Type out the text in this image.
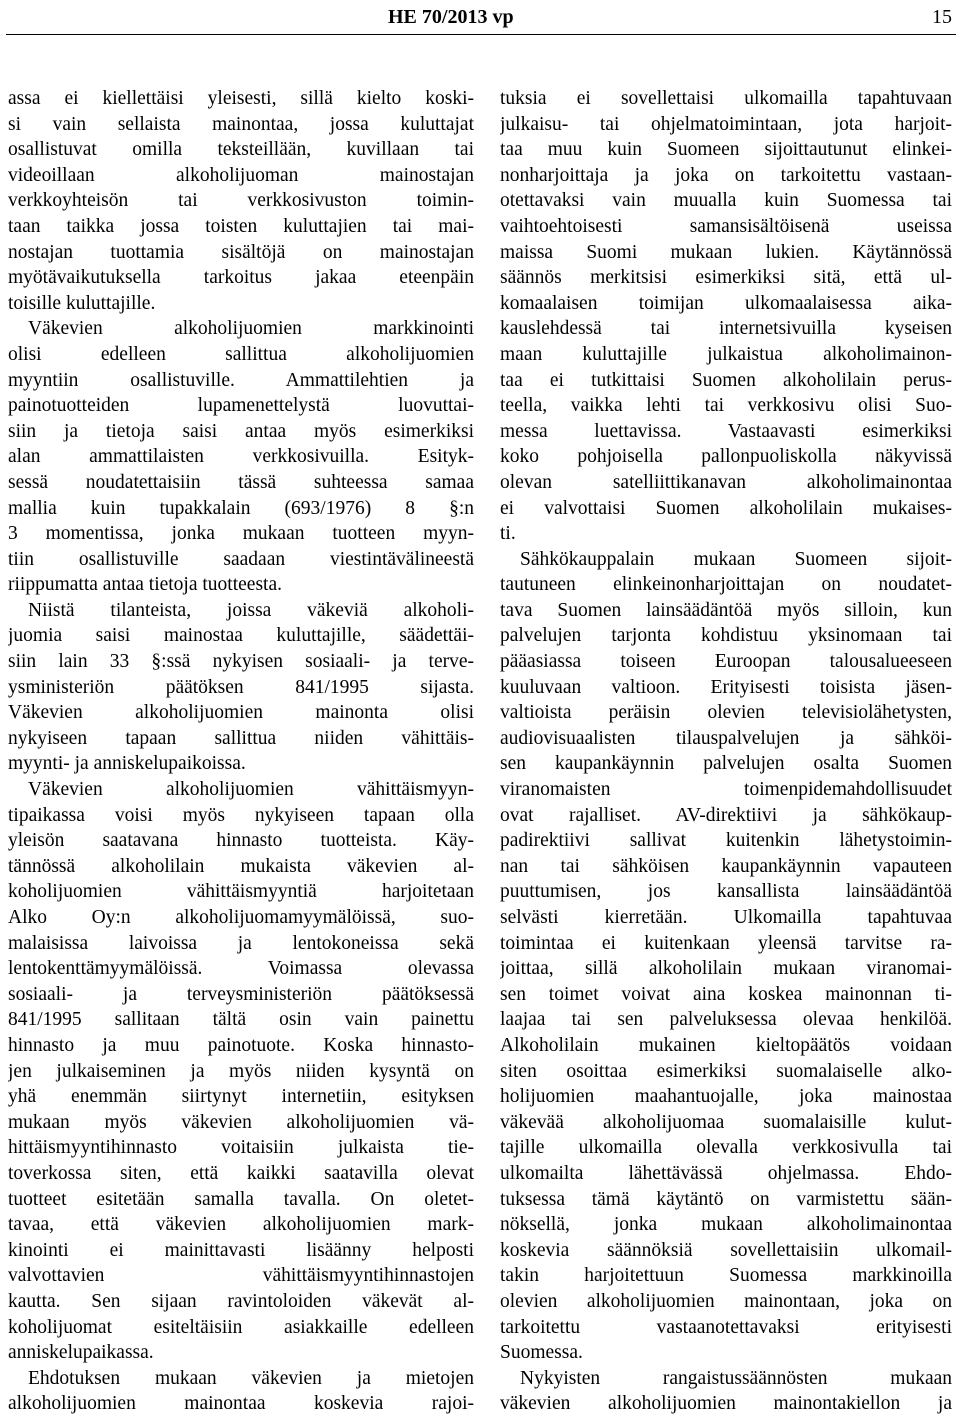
HE 70/2013 vp	15
assa ei kiellettäisi yleisesti, sillä kielto koski-
si vain sellaista mainontaa, jossa kuluttajat
osallistuvat omilla teksteillään, kuvillaan tai
videoillaan alkoholijuoman mainostajan
verkkoyhteisön tai verkkosivuston toimin-
taan taikka jossa toisten kuluttajien tai mai-
nostajan tuottamia sisältöjä on mainostajan
myötävaikutuksella tarkoitus jakaa eteenpäin
toisille kuluttajille.
Väkevien alkoholijuomien markkinointi
olisi edelleen sallittua alkoholijuomien
myyntiin osallistuville. Ammattilehtien ja
painotuotteiden lupamenettelystä luovuttai-
siin ja tietoja saisi antaa myös esimerkiksi
alan ammattilaisten verkkosivuilla. Esityk-
sessä noudatettaisiin tässä suhteessa samaa
mallia kuin tupakkalain (693/1976) 8 §:n
3 momentissa, jonka mukaan tuotteen myyn-
tiin osallistuville saadaan viestintävälineestä
riippumatta antaa tietoja tuotteesta.
Niistä tilanteista, joissa väkeviä alkoholi-
juomia saisi mainostaa kuluttajille, säädettäi-
siin lain 33 §:ssä nykyisen sosiaali- ja terve-
ysministeriön päätöksen 841/1995 sijasta.
Väkevien alkoholijuomien mainonta olisi
nykyiseen tapaan sallittua niiden vähittäis-
myynti- ja anniskelupaikoissa.
Väkevien alkoholijuomien vähittäismyyn-
tipaikassa voisi myös nykyiseen tapaan olla
yleisön saatavana hinnasto tuotteista. Käy-
tännössä alkoholilain mukaista väkevien al-
koholijuomien vähittäismyyntiä harjoitetaan
Alko Oy:n alkoholijuomamyymälöissä, suo-
malaisissa laivoissa ja lentokoneissa sekä
lentokenttämyymälöissä. Voimassa olevassa
sosiaali- ja terveysministeriön päätöksessä
841/1995 sallitaan tältä osin vain painettu
hinnasto ja muu painotuote. Koska hinnasto-
jen julkaiseminen ja myös niiden kysyntä on
yhä enemmän siirtynyt internetiin, esityksen
mukaan myös väkevien alkoholijuomien vä-
hittäismyyntihinnasto voitaisiin julkaista tie-
toverkossa siten, että kaikki saatavilla olevat
tuotteet esitetään samalla tavalla. On oletet-
tavaa, että väkevien alkoholijuomien mark-
kinointi ei mainittavasti lisäänny helposti
valvottavien vähittäismyyntihinnastojen
kautta. Sen sijaan ravintoloiden väkevät al-
koholijuomat esiteltäisiin asiakkaille edelleen
anniskelupaikassa.
Ehdotuksen mukaan väkevien ja mietojen
alkoholijuomien mainontaa koskevia rajoi-
tuksia ei sovellettaisi ulkomailla tapahtuvaan
julkaisu- tai ohjelmatoimintaan, jota harjoit-
taa muu kuin Suomeen sijoittautunut elinkei-
nonharjoittaja ja joka on tarkoitettu vastaan-
otettavaksi vain muualla kuin Suomessa tai
vaihtoehtoisesti samansisältöisenä useissa
maissa Suomi mukaan lukien. Käytännössä
säännös merkitsisi esimerkiksi sitä, että ul-
komaalaisen toimijan ulkomaalaisessa aika-
kauslehdessä tai internetsivuilla kyseisen
maan kuluttajille julkaistua alkoholimainon-
taa ei tutkittaisi Suomen alkoholilain perus-
teella, vaikka lehti tai verkkosivu olisi Suo-
messa luettavissa. Vastaavasti esimerkiksi
koko pohjoisella pallonpuoliskolla näkyvissä
olevan satelliittikanavan alkoholimainontaa
ei valvottaisi Suomen alkoholilain mukaises-
ti.
Sähkökauppalain mukaan Suomeen sijoit-
tautuneen elinkeinonharjoittajan on noudatet-
tava Suomen lainsäädäntöä myös silloin, kun
palvelujen tarjonta kohdistuu yksinomaan tai
pääasiassa toiseen Euroopan talousalueeseen
kuuluvaan valtioon. Erityisesti toisista jäsen-
valtioista peräisin olevien televisiolähetysten,
audiovisuaalisten tilauspalvelujen ja sähköi-
sen kaupankäynnin palvelujen osalta Suomen
viranomaisten toimenpidemahdollisuudet
ovat rajalliset. AV-direktiivi ja sähkökaup-
padirektiivi sallivat kuitenkin lähetystoimin-
nan tai sähköisen kaupankäynnin vapauteen
puuttumisen, jos kansallista lainsäädäntöä
selvästi kierretään. Ulkomailla tapahtuvaa
toimintaa ei kuitenkaan yleensä tarvitse ra-
joittaa, sillä alkoholilain mukaan viranomai-
sen toimet voivat aina koskea mainonnan ti-
laajaa tai sen palveluksessa olevaa henkilöä.
Alkoholilain mukainen kieltopäätös voidaan
siten osoittaa esimerkiksi suomalaiselle alko-
holijuomien maahantuojalle, joka mainostaa
väkevää alkoholijuomaa suomalaisille kulut-
tajille ulkomailla olevalla verkkosivulla tai
ulkomailta lähettävässä ohjelmassa. Ehdo-
tuksessa tämä käytäntö on varmistettu sään-
nöksellä, jonka mukaan alkoholimainontaa
koskevia säännöksiä sovellettaisiin ulkomail-
takin harjoitettuun Suomessa markkinoilla
olevien alkoholijuomien mainontaan, joka on
tarkoitettu vastaanotettavaksi erityisesti
Suomessa.
Nykyisten rangaistussäännösten mukaan
väkevien alkoholijuomien mainontakiellon ja
